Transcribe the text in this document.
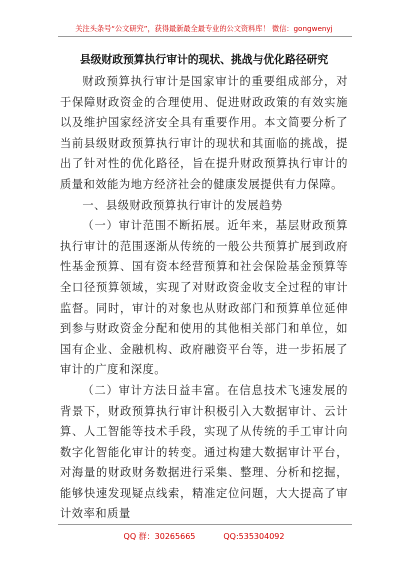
关注头条号“公文研究”，获得最新最全最专业的公文资料库！ 微信：gongwenyj
县级财政预算执行审计的现状、挑战与优化路径研究

财政预算执行审计是国家审计的重要组成部分，对于保障财政资金的合理使用、促进财政政策的有效实施以及维护国家经济安全具有重要作用。本文简要分析了当前县级财政预算执行审计的现状和其面临的挑战，提出了针对性的优化路径，旨在提升财政预算执行审计的质量和效能为地方经济社会的健康发展提供有力保障。

一、县级财政预算执行审计的发展趋势

（一）审计范围不断拓展。近年来，基层财政预算执行审计的范围逐渐从传统的一般公共预算扩展到政府性基金预算、国有资本经营预算和社会保险基金预算等全口径预算领域，实现了对财政资金收支全过程的审计监督。同时，审计的对象也从财政部门和预算单位延伸到参与财政资金分配和使用的其他相关部门和单位，如国有企业、金融机构、政府融资平台等，进一步拓展了审计的广度和深度。

（二）审计方法日益丰富。在信息技术飞速发展的背景下，财政预算执行审计积极引入大数据审计、云计算、人工智能等技术手段，实现了从传统的手工审计向数字化智能化审计的转变。通过构建大数据审计平台，对海量的财政财务数据进行采集、整理、分析和挖掘，能够快速发现疑点线索，精准定位问题，大大提高了审计效率和质量

QQ 群：30265665	QQ:535304092
